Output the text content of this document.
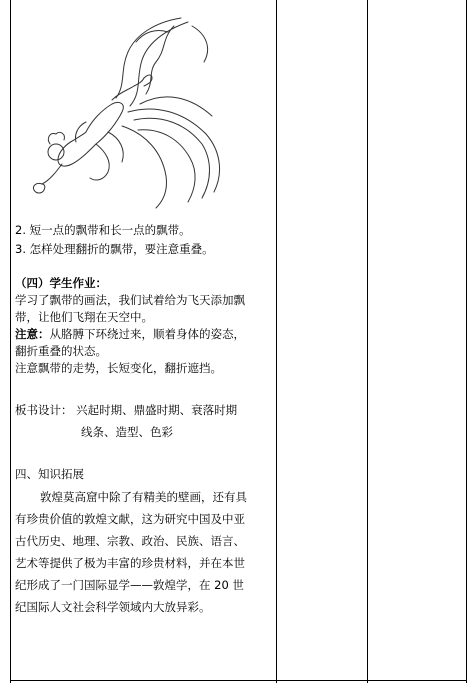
2. 短一点的飘带和长一点的飘带。
3. 怎样处理翻折的飘带，要注意重叠。
（四）学生作业：
学习了飘带的画法，我们试着给为飞天添加飘
带，让他们飞翔在天空中。
注意：从胳膊下环绕过来，顺着身体的姿态，
翻折重叠的状态。
注意飘带的走势，长短变化，翻折遮挡。
板书设计： 兴起时期、鼎盛时期、衰落时期
线条、造型、色彩
四、知识拓展
敦煌莫高窟中除了有精美的壁画，还有具
有珍贵价值的敦煌文献，这为研究中国及中亚
古代历史、地理、宗教、政治、民族、语言、
艺术等提供了极为丰富的珍贵材料，并在本世
纪形成了一门国际显学——敦煌学，在 20 世
纪国际人文社会科学领域内大放异彩。
